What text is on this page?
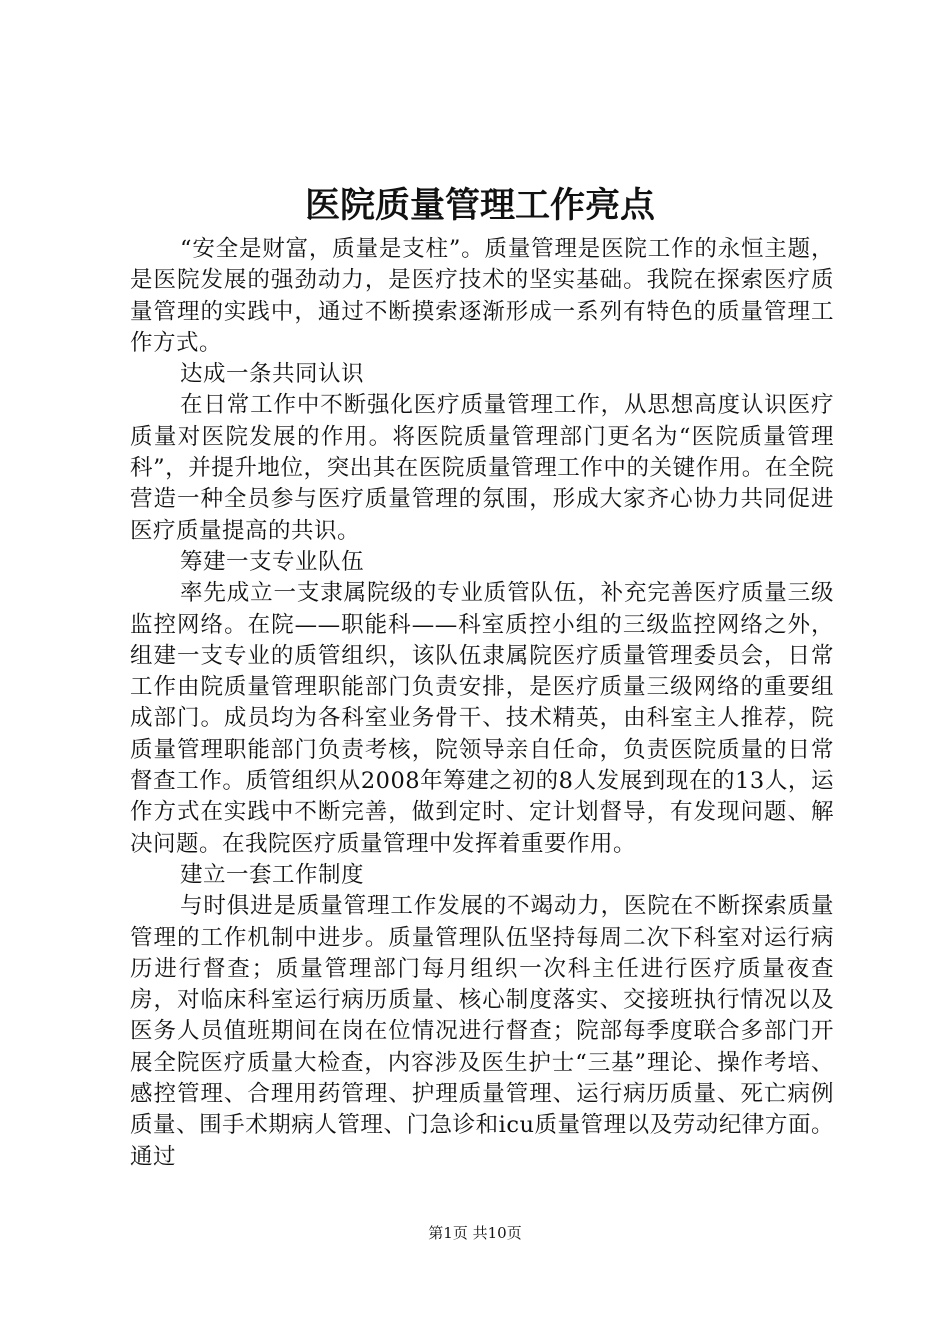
医院质量管理工作亮点

“安全是财富，质量是支柱”。质量管理是医院工作的永恒主题，是医院发展的强劲动力，是医疗技术的坚实基础。我院在探索医疗质量管理的实践中，通过不断摸索逐渐形成一系列有特色的质量管理工作方式。

达成一条共同认识

在日常工作中不断强化医疗质量管理工作，从思想高度认识医疗质量对医院发展的作用。将医院质量管理部门更名为“医院质量管理科”，并提升地位，突出其在医院质量管理工作中的关键作用。在全院营造一种全员参与医疗质量管理的氛围，形成大家齐心协力共同促进医疗质量提高的共识。

筹建一支专业队伍

率先成立一支隶属院级的专业质管队伍，补充完善医疗质量三级监控网络。在院——职能科——科室质控小组的三级监控网络之外，组建一支专业的质管组织，该队伍隶属院医疗质量管理委员会，日常工作由院质量管理职能部门负责安排，是医疗质量三级网络的重要组成部门。成员均为各科室业务骨干、技术精英，由科室主人推荐，院质量管理职能部门负责考核，院领导亲自任命，负责医院质量的日常督查工作。质管组织从2008年筹建之初的8人发展到现在的13人，运作方式在实践中不断完善，做到定时、定计划督导，有发现问题、解决问题。在我院医疗质量管理中发挥着重要作用。

建立一套工作制度

与时俱进是质量管理工作发展的不竭动力，医院在不断探索质量管理的工作机制中进步。质量管理队伍坚持每周二次下科室对运行病历进行督查；质量管理部门每月组织一次科主任进行医疗质量夜查房，对临床科室运行病历质量、核心制度落实、交接班执行情况以及医务人员值班期间在岗在位情况进行督查；院部每季度联合多部门开展全院医疗质量大检查，内容涉及医生护士“三基”理论、操作考培、感控管理、合理用药管理、护理质量管理、运行病历质量、死亡病例质量、围手术期病人管理、门急诊和icu质量管理以及劳动纪律方面。通过

第1页 共10页
